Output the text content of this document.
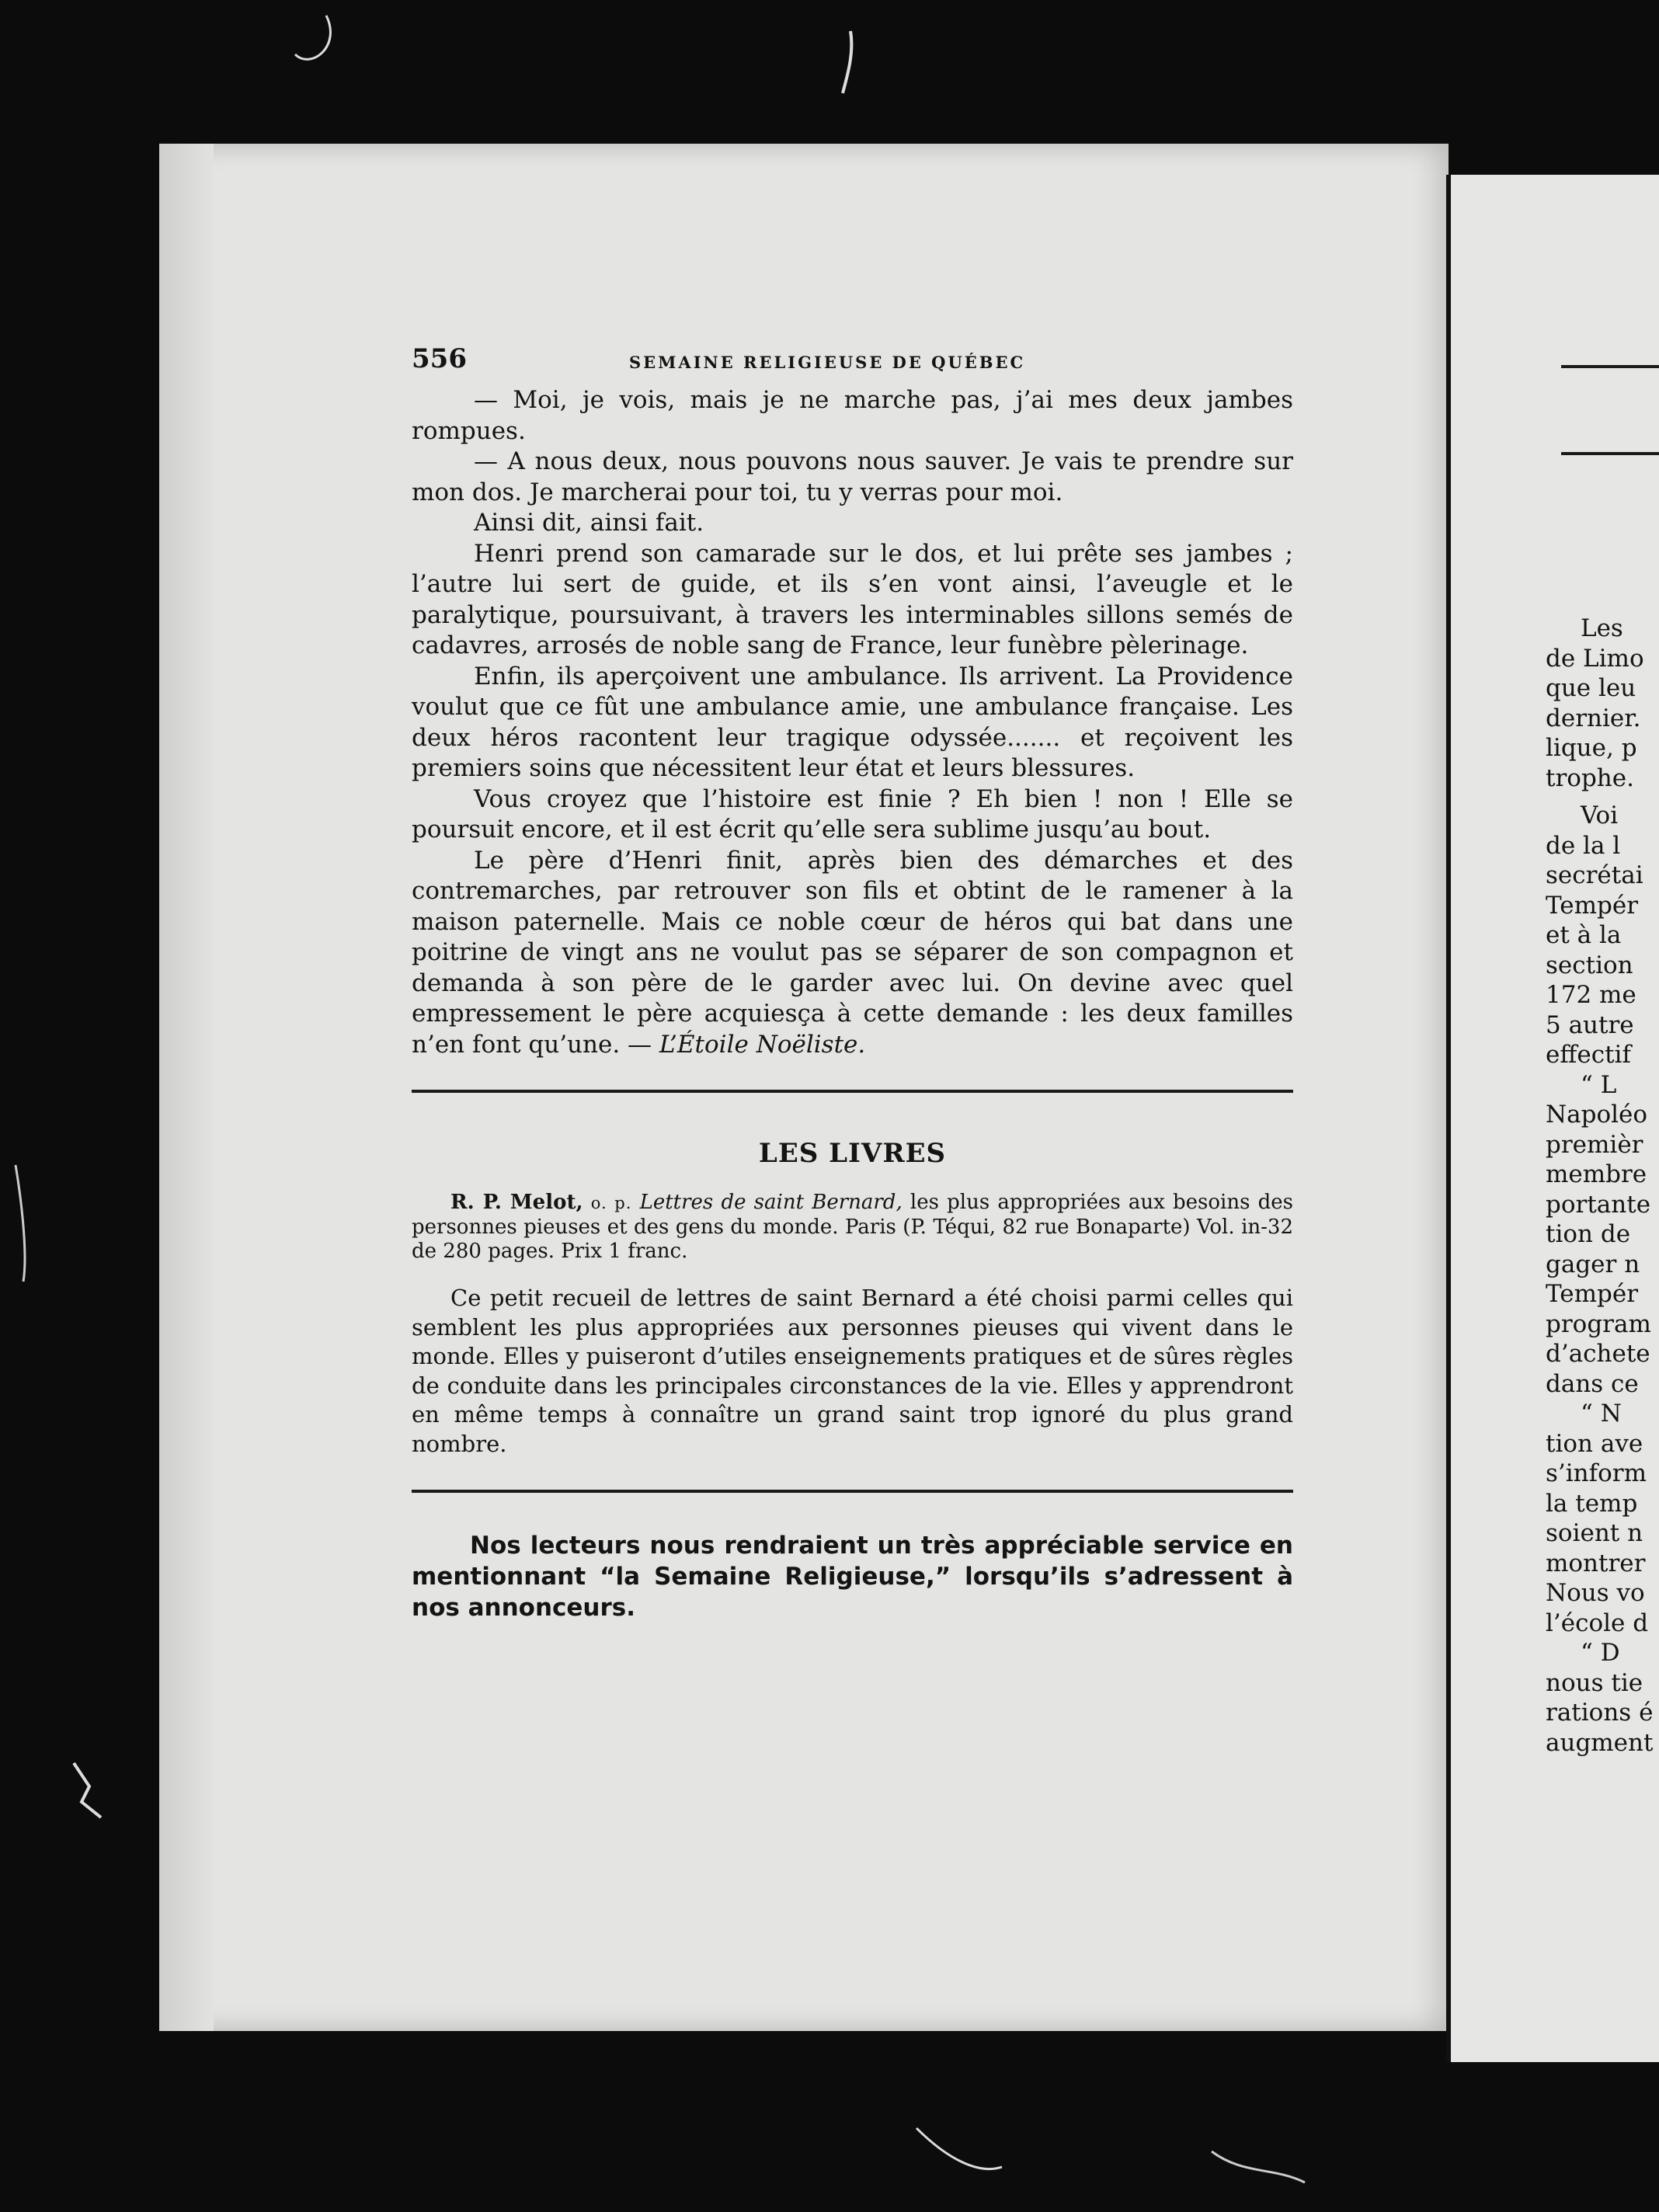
Les
de Limo
que leu
dernier.
lique, p
trophe.
Voi
de la l
secrétai
Tempér
et à la
section
172 me
5 autre
effectif
“ L
Napoléo
premièr
membre
portante
tion de
gager n
Tempér
program
d’achete
dans ce
“ N
tion ave
s’inform
la temp
soient n
montrer
Nous vo
l’école d
“ D
nous tie
rations é
augment
556	SEMAINE RELIGIEUSE DE QUÉBEC

— Moi, je vois, mais je ne marche pas, j’ai mes deux jambes rompues.

— A nous deux, nous pouvons nous sauver. Je vais te prendre sur mon dos. Je marcherai pour toi, tu y verras pour moi.

Ainsi dit, ainsi fait.

Henri prend son camarade sur le dos, et lui prête ses jambes ; l’autre lui sert de guide, et ils s’en vont ainsi, l’aveugle et le paralytique, poursuivant, à travers les interminables sillons semés de cadavres, arrosés de noble sang de France, leur funèbre pèlerinage.

Enfin, ils aperçoivent une ambulance. Ils arrivent. La Providence voulut que ce fût une ambulance amie, une ambulance française. Les deux héros racontent leur tragique odyssée....... et reçoivent les premiers soins que nécessitent leur état et leurs blessures.

Vous croyez que l’histoire est finie ? Eh bien ! non ! Elle se poursuit encore, et il est écrit qu’elle sera sublime jusqu’au bout.

Le père d’Henri finit, après bien des démarches et des contremarches, par retrouver son fils et obtint de le ramener à la maison paternelle. Mais ce noble cœur de héros qui bat dans une poitrine de vingt ans ne voulut pas se séparer de son compagnon et demanda à son père de le garder avec lui. On devine avec quel empressement le père acquiesça à cette demande : les deux familles n’en font qu’une. — L’Étoile Noëliste.

LES LIVRES

R. P. Melot, o. p. Lettres de saint Bernard, les plus appropriées aux besoins des personnes pieuses et des gens du monde. Paris (P. Téqui, 82 rue Bonaparte) Vol. in-32 de 280 pages. Prix 1 franc.

Ce petit recueil de lettres de saint Bernard a été choisi parmi celles qui semblent les plus appropriées aux personnes pieuses qui vivent dans le monde. Elles y puiseront d’utiles enseignements pratiques et de sûres règles de conduite dans les principales circonstances de la vie. Elles y apprendront en même temps à connaître un grand saint trop ignoré du plus grand nombre.

Nos lecteurs nous rendraient un très appréciable service en mentionnant “la Semaine Religieuse,” lorsqu’ils s’adressent à nos annonceurs.
